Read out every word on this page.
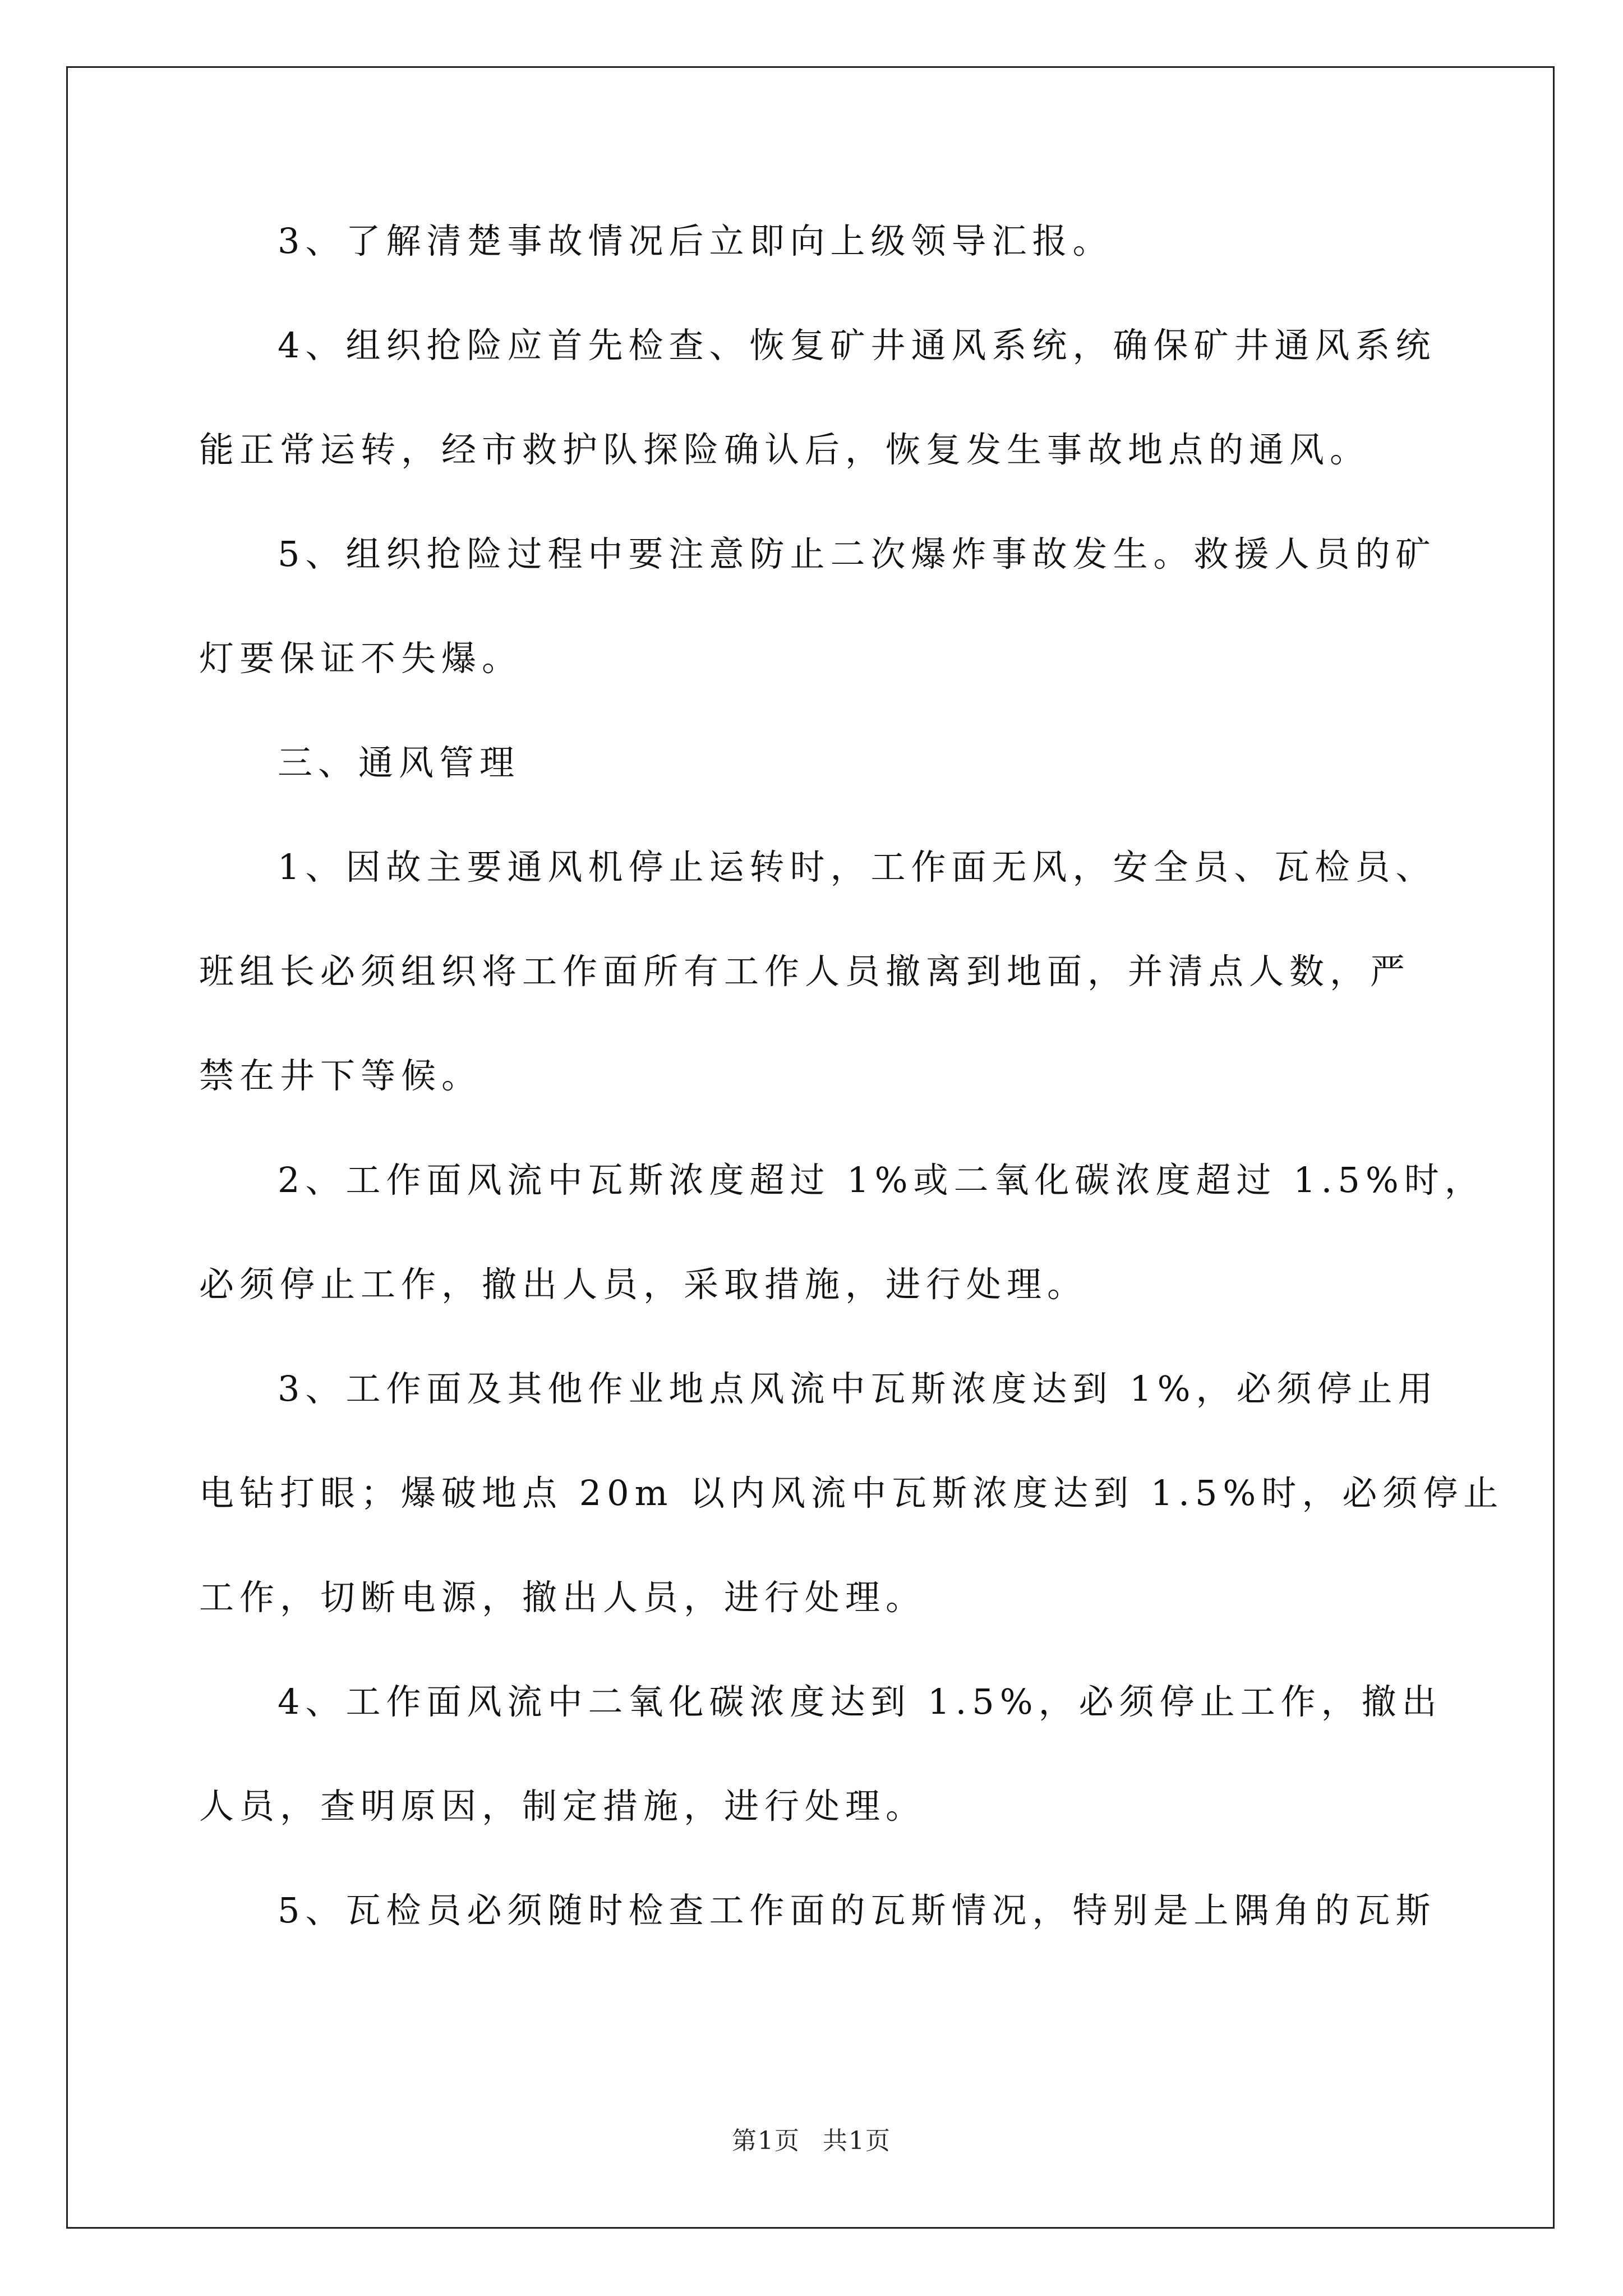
3、了解清楚事故情况后立即向上级领导汇报。
4、组织抢险应首先检查、恢复矿井通风系统，确保矿井通风系统
能正常运转，经市救护队探险确认后，恢复发生事故地点的通风。
5、组织抢险过程中要注意防止二次爆炸事故发生。救援人员的矿
灯要保证不失爆。
三、通风管理
1、因故主要通风机停止运转时，工作面无风，安全员、瓦检员、
班组长必须组织将工作面所有工作人员撤离到地面，并清点人数，严
禁在井下等候。
2、工作面风流中瓦斯浓度超过 1%或二氧化碳浓度超过 1.5%时，
必须停止工作，撤出人员，采取措施，进行处理。
3、工作面及其他作业地点风流中瓦斯浓度达到 1%，必须停止用
电钻打眼；爆破地点 20m 以内风流中瓦斯浓度达到 1.5%时，必须停止
工作，切断电源，撤出人员，进行处理。
4、工作面风流中二氧化碳浓度达到 1.5%，必须停止工作，撤出
人员，查明原因，制定措施，进行处理。
5、瓦检员必须随时检查工作面的瓦斯情况，特别是上隅角的瓦斯
第1页 共1页
